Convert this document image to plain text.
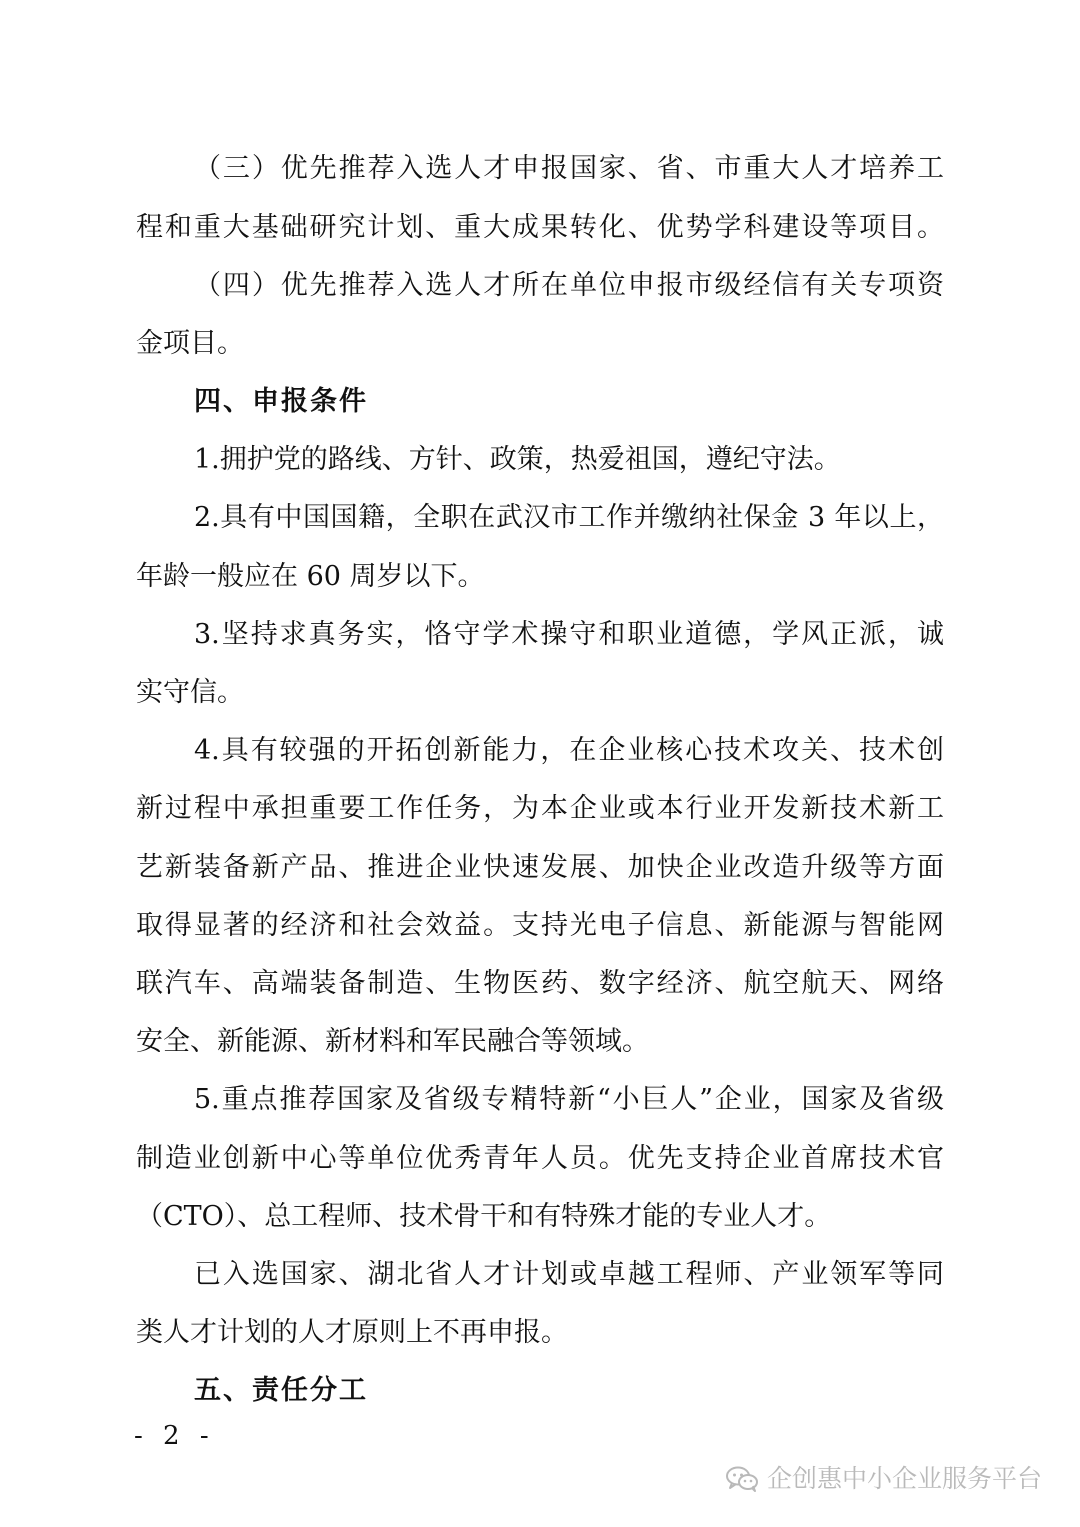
（三）优先推荐入选人才申报国家、省、市重大人才培养工
程和重大基础研究计划、重大成果转化、优势学科建设等项目。
（四）优先推荐入选人才所在单位申报市级经信有关专项资
金项目。
四、申报条件
1.拥护党的路线、方针、政策，热爱祖国，遵纪守法。
2.具有中国国籍，全职在武汉市工作并缴纳社保金 3 年以上，
年龄一般应在 60 周岁以下。
3.坚持求真务实，恪守学术操守和职业道德，学风正派，诚
实守信。
4.具有较强的开拓创新能力，在企业核心技术攻关、技术创
新过程中承担重要工作任务，为本企业或本行业开发新技术新工
艺新装备新产品、推进企业快速发展、加快企业改造升级等方面
取得显著的经济和社会效益。支持光电子信息、新能源与智能网
联汽车、高端装备制造、生物医药、数字经济、航空航天、网络
安全、新能源、新材料和军民融合等领域。
5.重点推荐国家及省级专精特新“小巨人”企业，国家及省级
制造业创新中心等单位优秀青年人员。优先支持企业首席技术官
（CTO）、总工程师、技术骨干和有特殊才能的专业人才。
已入选国家、湖北省人才计划或卓越工程师、产业领军等同
类人才计划的人才原则上不再申报。
五、责任分工
- 2 -
企创惠中小企业服务平台
